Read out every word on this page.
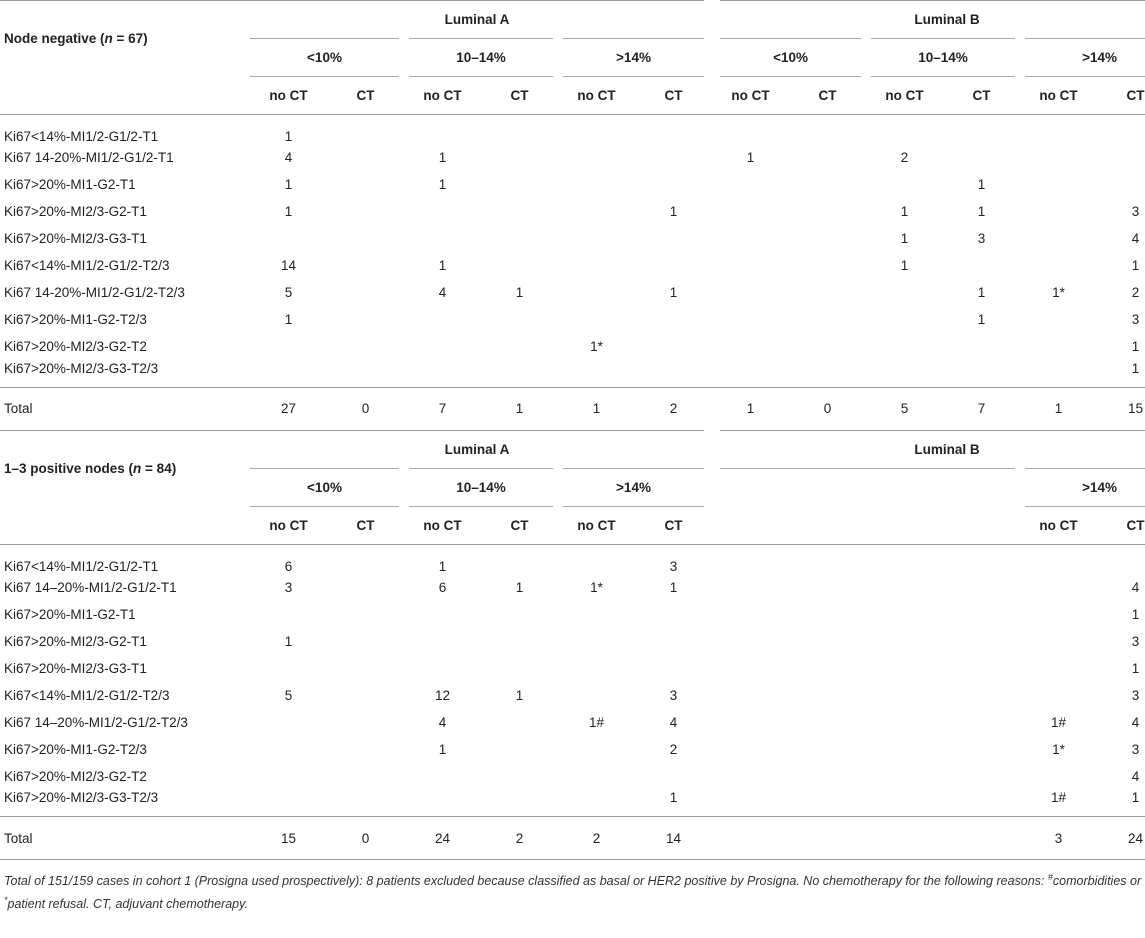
Node negative (n = 67)	Luminal A						Luminal B					
	<10%		10–14%		>14%		<10%		10–14%		>14%	
	no CT	CT	no CT	CT	no CT	CT	no CT	CT	no CT	CT	no CT	CT
Ki67<14%-MI1/2-G1/2-T1	1											
Ki67 14-20%-MI1/2-G1/2-T1	4		1				1		2			
Ki67>20%-MI1-G2-T1	1		1							1		
Ki67>20%-MI2/3-G2-T1	1					1			1	1		3
Ki67>20%-MI2/3-G3-T1									1	3		4
Ki67<14%-MI1/2-G1/2-T2/3	14		1						1			1
Ki67 14-20%-MI1/2-G1/2-T2/3	5		4	1		1				1	1*	2
Ki67>20%-MI1-G2-T2/3	1									1		3
Ki67>20%-MI2/3-G2-T2					1*							1
Ki67>20%-MI2/3-G3-T2/3												1
Total	27	0	7	1	1	2	1	0	5	7	1	15
1–3 positive nodes (n = 84)	Luminal A						Luminal B					
	<10%		10–14%		>14%						>14%	
	no CT	CT	no CT	CT	no CT	CT					no CT	CT
Ki67<14%-MI1/2-G1/2-T1	6		1			3						
Ki67 14–20%-MI1/2-G1/2-T1	3		6	1	1*	1						4
Ki67>20%-MI1-G2-T1												1
Ki67>20%-MI2/3-G2-T1	1											3
Ki67>20%-MI2/3-G3-T1												1
Ki67<14%-MI1/2-G1/2-T2/3	5		12	1		3						3
Ki67 14–20%-MI1/2-G1/2-T2/3			4		1#	4					1#	4
Ki67>20%-MI1-G2-T2/3			1			2					1*	3
Ki67>20%-MI2/3-G2-T2												4
Ki67>20%-MI2/3-G3-T2/3						1					1#	1
Total	15	0	24	2	2	14					3	24
Total of 151/159 cases in cohort 1 (Prosigna used prospectively): 8 patients excluded because classified as basal or HER2 positive by Prosigna. No chemotherapy for the following reasons: #comorbidities or *patient refusal. CT, adjuvant chemotherapy.												
